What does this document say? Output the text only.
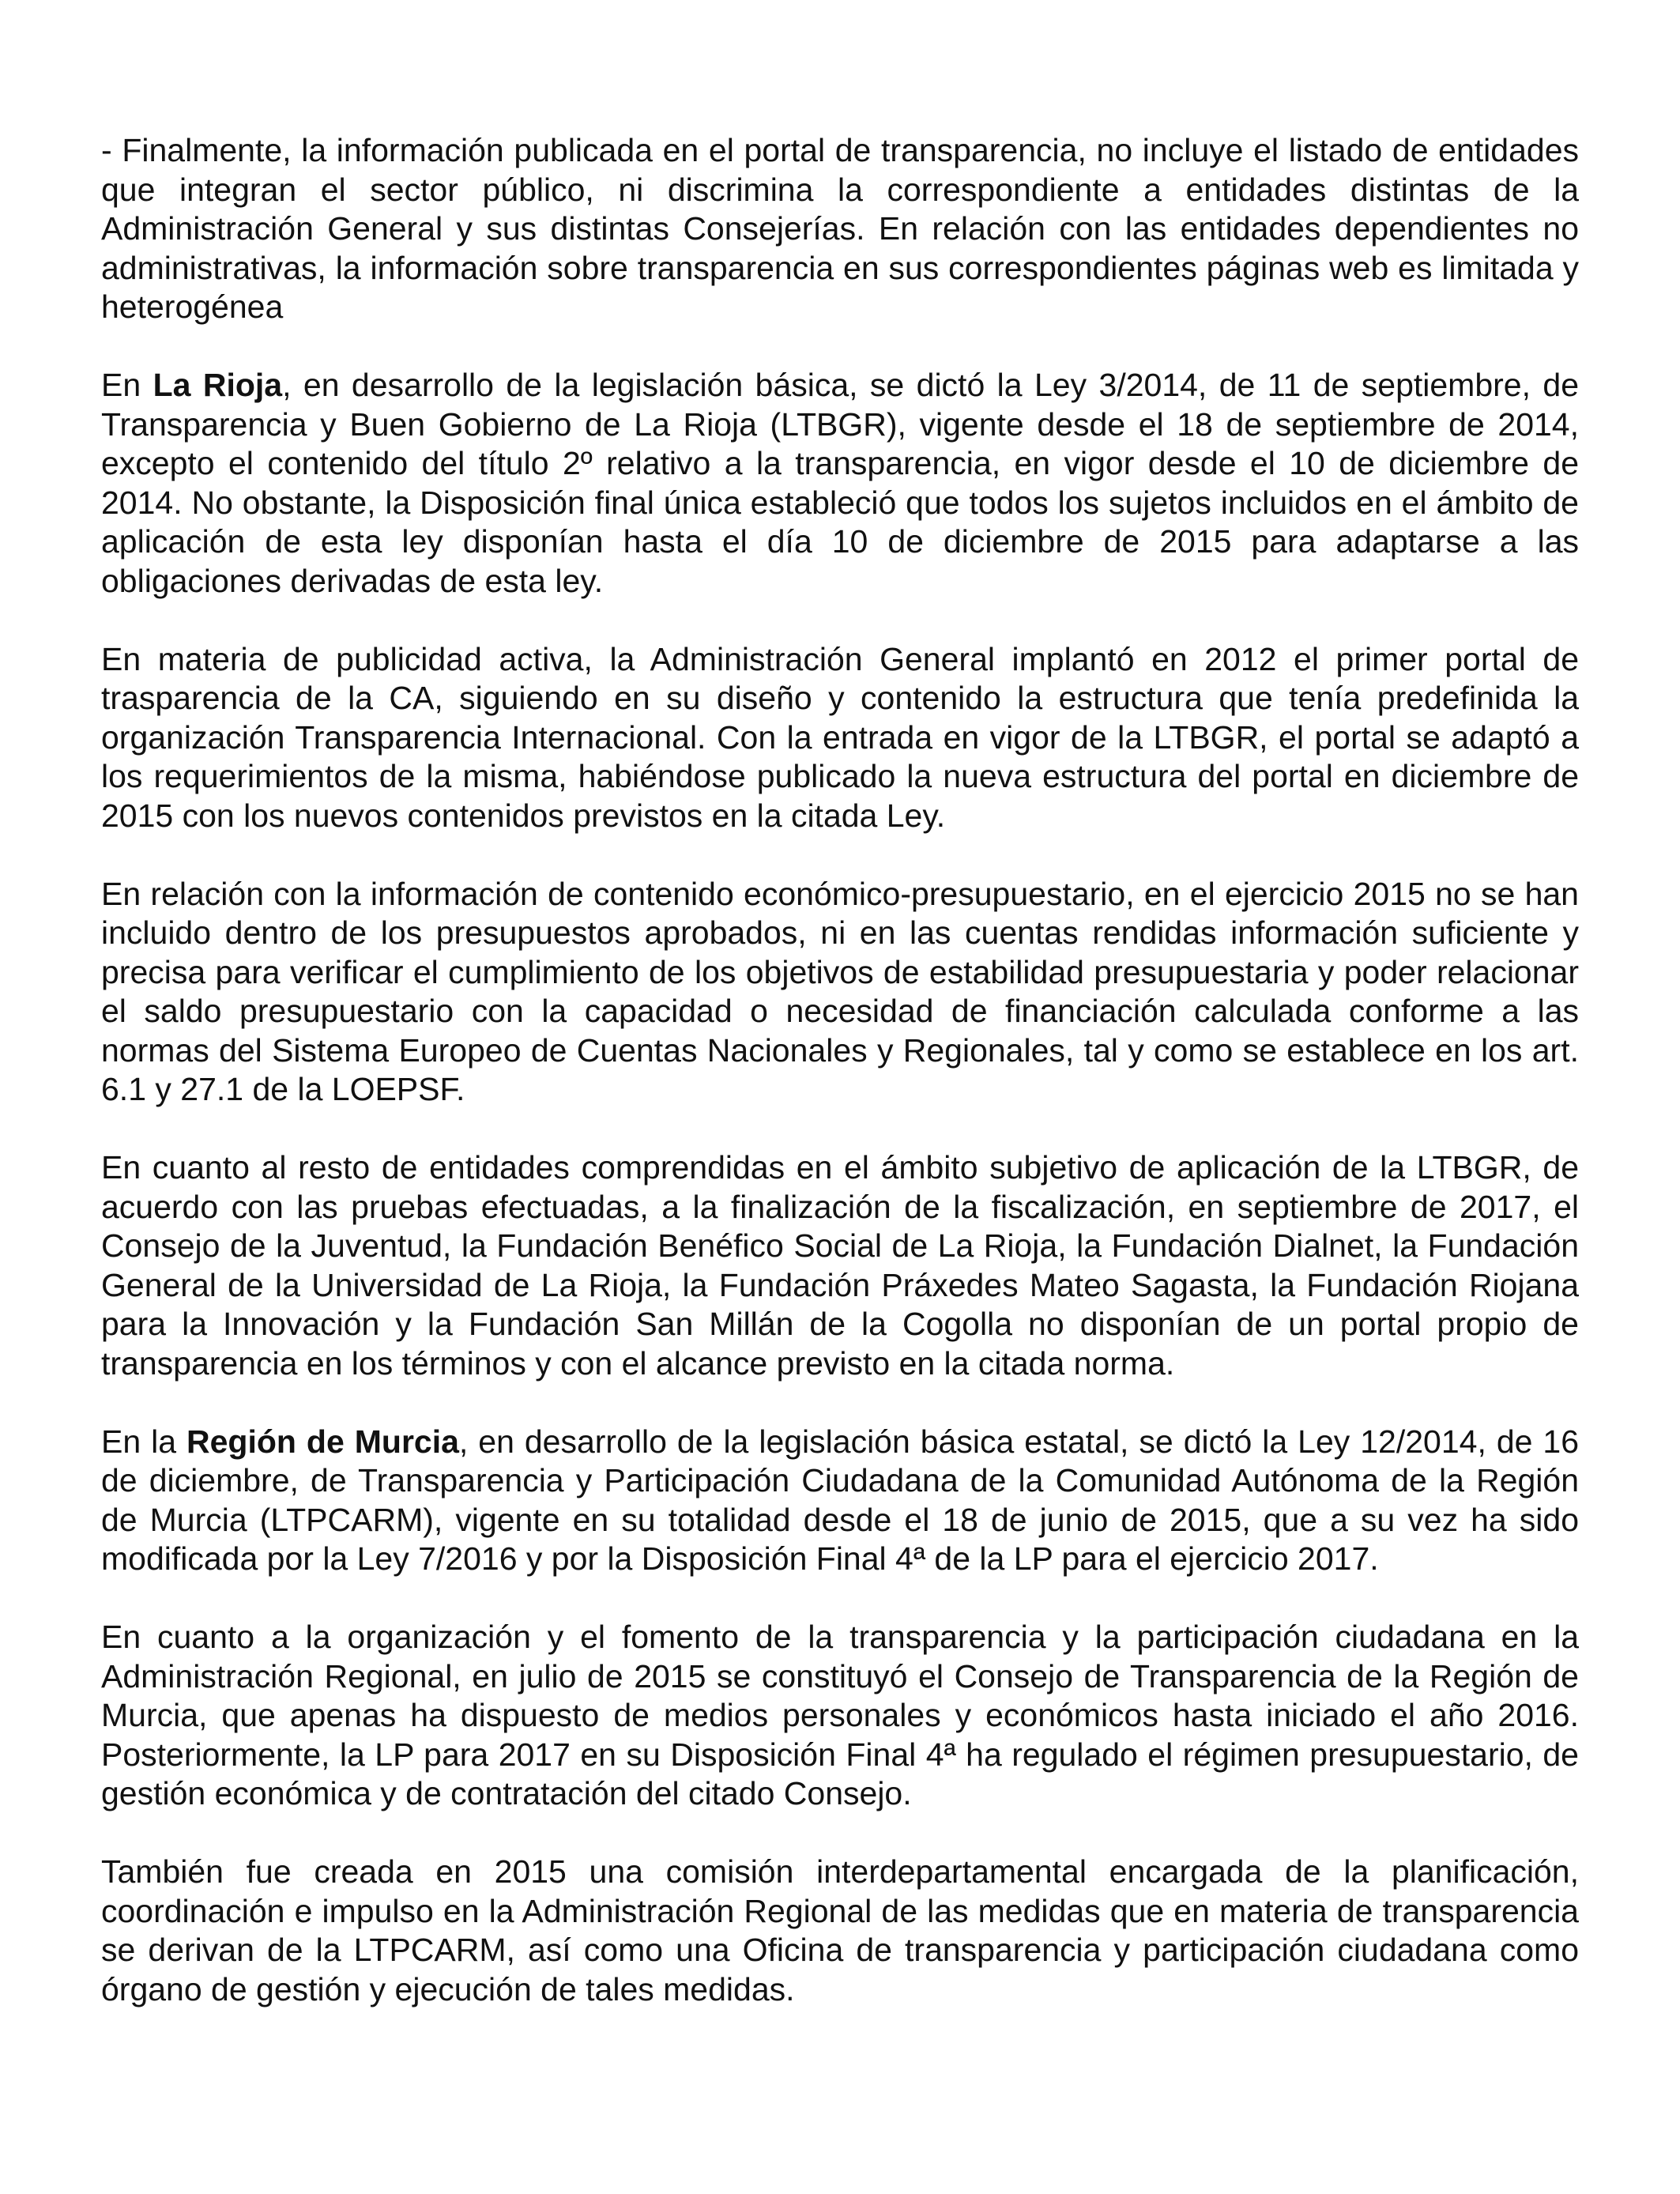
- Finalmente, la información publicada en el portal de transparencia, no incluye el listado de entidades que integran el sector público, ni discrimina la correspondiente a entidades distintas de la Administración General y sus distintas Consejerías. En relación con las entidades dependientes no administrativas, la información sobre transparencia en sus correspondientes páginas web es limitada y heterogénea

En La Rioja, en desarrollo de la legislación básica, se dictó la Ley 3/2014, de 11 de septiembre, de Transparencia y Buen Gobierno de La Rioja (LTBGR), vigente desde el 18 de septiembre de 2014, excepto el contenido del título 2º relativo a la transparencia, en vigor desde el 10 de diciembre de 2014. No obstante, la Disposición final única estableció que todos los sujetos incluidos en el ámbito de aplicación de esta ley disponían hasta el día 10 de diciembre de 2015 para adaptarse a las obligaciones derivadas de esta ley.

En materia de publicidad activa, la Administración General implantó en 2012 el primer portal de trasparencia de la CA, siguiendo en su diseño y contenido la estructura que tenía predefinida la organización Transparencia Internacional. Con la entrada en vigor de la LTBGR, el portal se adaptó a los requerimientos de la misma, habiéndose publicado la nueva estructura del portal en diciembre de 2015 con los nuevos contenidos previstos en la citada Ley.

En relación con la información de contenido económico-presupuestario, en el ejercicio 2015 no se han incluido dentro de los presupuestos aprobados, ni en las cuentas rendidas información suficiente y precisa para verificar el cumplimiento de los objetivos de estabilidad presupuestaria y poder relacionar el saldo presupuestario con la capacidad o necesidad de financiación calculada conforme a las normas del Sistema Europeo de Cuentas Nacionales y Regionales, tal y como se establece en los art. 6.1 y 27.1 de la LOEPSF.

En cuanto al resto de entidades comprendidas en el ámbito subjetivo de aplicación de la LTBGR, de acuerdo con las pruebas efectuadas, a la finalización de la fiscalización, en septiembre de 2017, el Consejo de la Juventud, la Fundación Benéfico Social de La Rioja, la Fundación Dialnet, la Fundación General de la Universidad de La Rioja, la Fundación Práxedes Mateo Sagasta, la Fundación Riojana para la Innovación y la Fundación San Millán de la Cogolla no disponían de un portal propio de transparencia en los términos y con el alcance previsto en la citada norma.

En la Región de Murcia, en desarrollo de la legislación básica estatal, se dictó la Ley 12/2014, de 16 de diciembre, de Transparencia y Participación Ciudadana de la Comunidad Autónoma de la Región de Murcia (LTPCARM), vigente en su totalidad desde el 18 de junio de 2015, que a su vez ha sido modificada por la Ley 7/2016 y por la Disposición Final 4ª de la LP para el ejercicio 2017.

En cuanto a la organización y el fomento de la transparencia y la participación ciudadana en la Administración Regional, en julio de 2015 se constituyó el Consejo de Transparencia de la Región de Murcia, que apenas ha dispuesto de medios personales y económicos hasta iniciado el año 2016. Posteriormente, la LP para 2017 en su Disposición Final 4ª ha regulado el régimen presupuestario, de gestión económica y de contratación del citado Consejo.

También fue creada en 2015 una comisión interdepartamental encargada de la planificación, coordinación e impulso en la Administración Regional de las medidas que en materia de transparencia se derivan de la LTPCARM, así como una Oficina de transparencia y participación ciudadana como órgano de gestión y ejecución de tales medidas.
